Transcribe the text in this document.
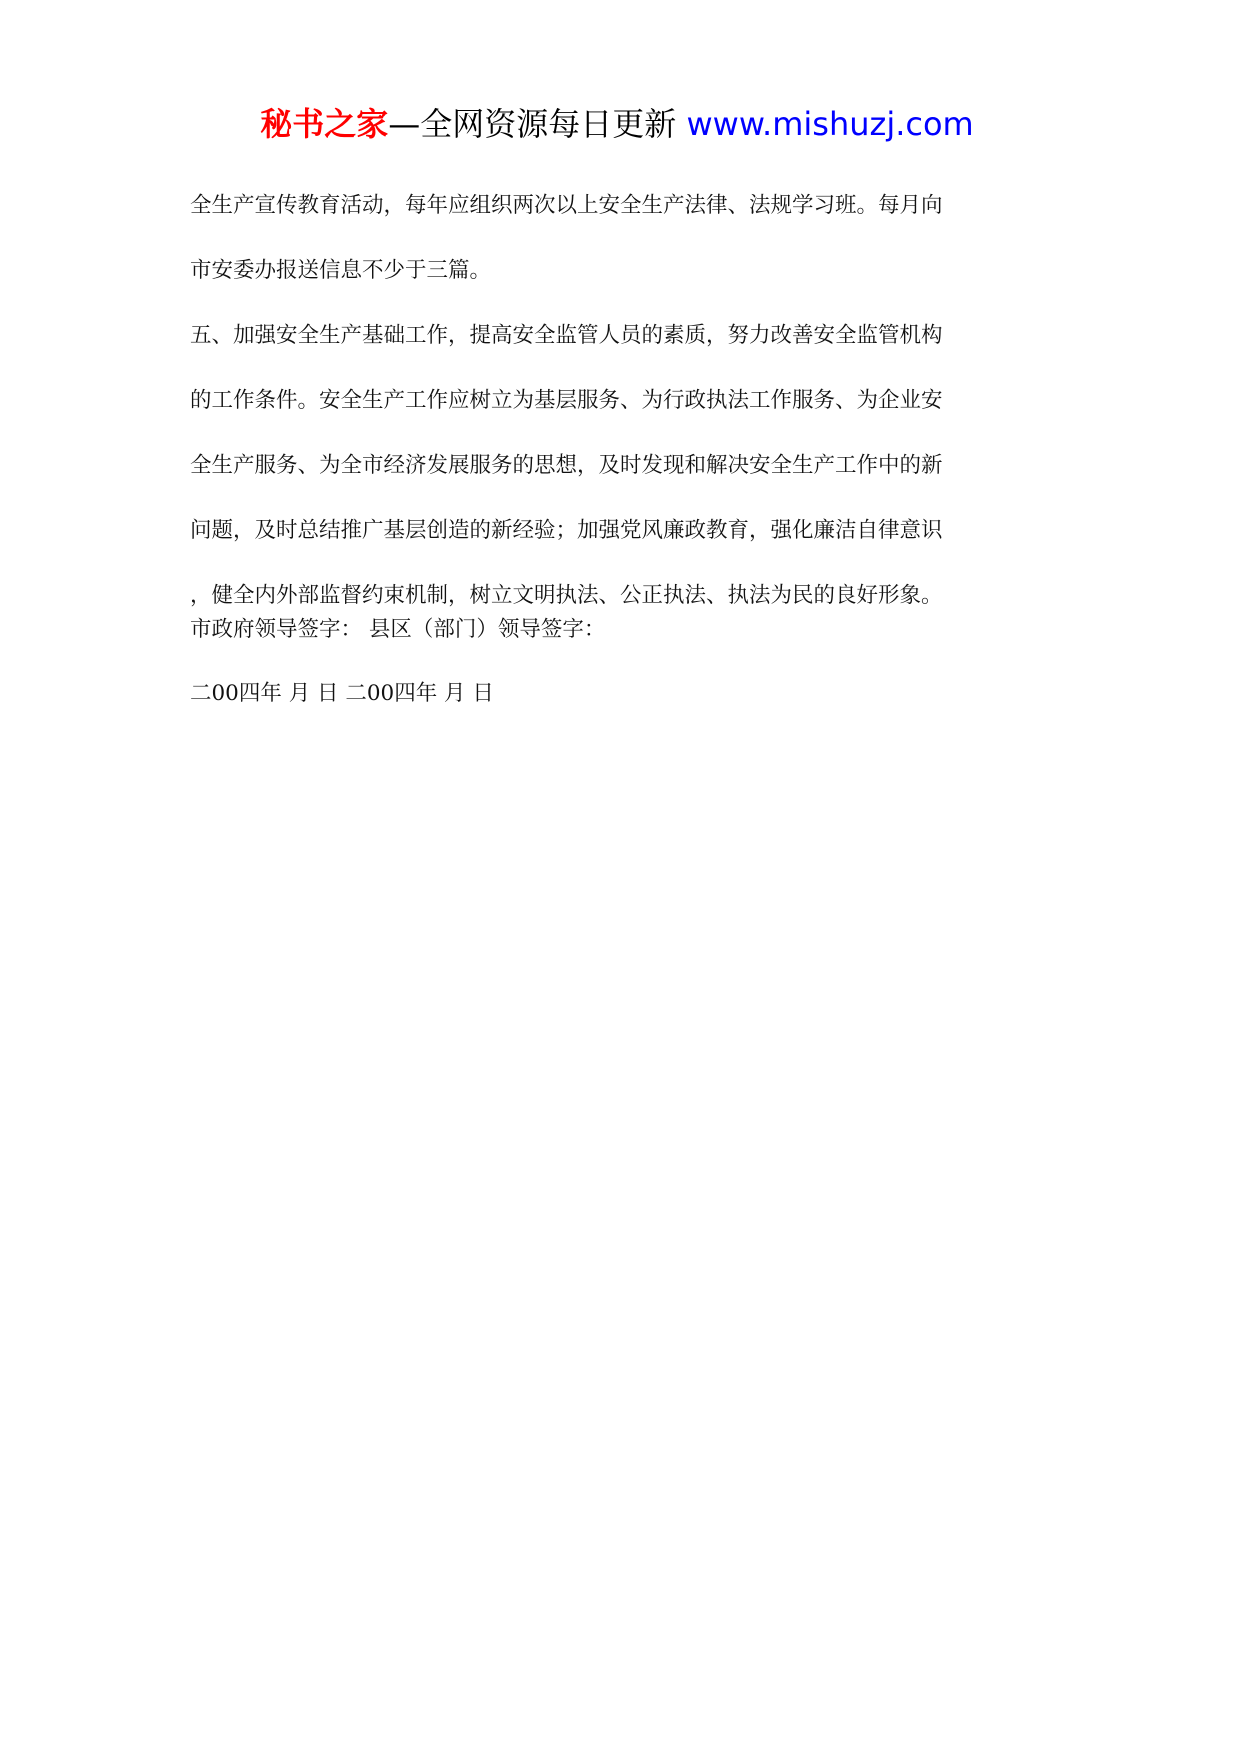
秘书之家—全网资源每日更新 www.mishuzj.com
全生产宣传教育活动，每年应组织两次以上安全生产法律、法规学习班。每月向
市安委办报送信息不少于三篇。
五、加强安全生产基础工作，提高安全监管人员的素质，努力改善安全监管机构
的工作条件。安全生产工作应树立为基层服务、为行政执法工作服务、为企业安
全生产服务、为全市经济发展服务的思想，及时发现和解决安全生产工作中的新
问题，及时总结推广基层创造的新经验；加强党风廉政教育，强化廉洁自律意识
，健全内外部监督约束机制，树立文明执法、公正执法、执法为民的良好形象。
市政府领导签字： 县区（部门）领导签字：
二00四年 月 日 二00四年 月 日
